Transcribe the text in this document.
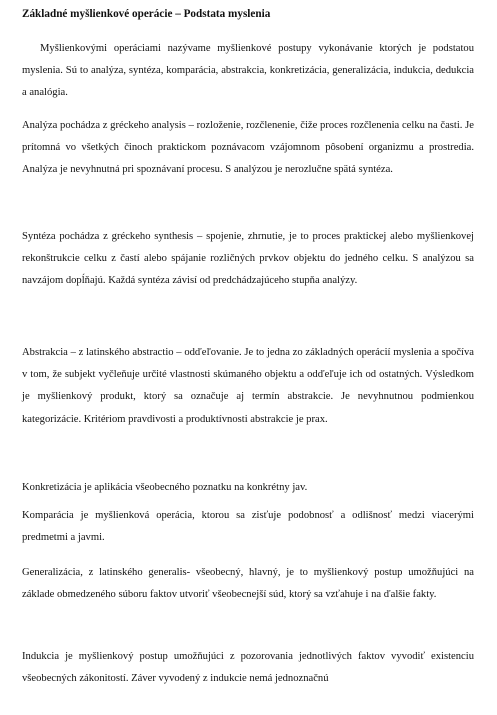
Základné myšlienkové operácie – Podstata myslenia

Myšlienkovými operáciami nazývame myšlienkové postupy vykonávanie ktorých je podstatou myslenia. Sú to analýza, syntéza, komparácia, abstrakcia, konkretizácia, generalizácia, indukcia, dedukcia a analógia.

Analýza pochádza z gréckeho analysis – rozloženie, rozčlenenie, čiže proces rozčlenenia celku na časti. Je prítomná vo všetkých činoch praktickom poznávacom vzájomnom pôsobení organizmu a prostredia. Analýza je nevyhnutná pri spoznávaní procesu. S analýzou je nerozlučne spätá syntéza.

Syntéza pochádza z gréckeho synthesis – spojenie, zhrnutie, je to proces praktickej alebo myšlienkovej rekonštrukcie celku z častí alebo spájanie rozličných prvkov objektu do jedného celku. S analýzou sa navzájom dopĺňajú. Každá syntéza závisí od predchádzajúceho stupňa analýzy.

Abstrakcia – z latinského abstractio – odďeľovanie. Je to jedna zo základných operácií myslenia a spočíva v tom, že subjekt vyčleňuje určité vlastnosti skúmaného objektu a odďeľuje ich od ostatných. Výsledkom je myšlienkový produkt, ktorý sa označuje aj termín abstrakcie. Je nevyhnutnou podmienkou kategorizácie. Kritériom pravdivosti a produktívnosti abstrakcie je prax.

Konkretizácia je aplikácia všeobecného poznatku na konkrétny jav.

Komparácia je myšlienková operácia, ktorou sa zisťuje podobnosť a odlišnosť medzi viacerými predmetmi a javmi.

Generalizácia, z latinského generalis- všeobecný, hlavný, je to myšlienkový postup umožňujúci na základe obmedzeného súboru faktov utvoriť všeobecnejší súd, ktorý sa vzťahuje i na ďalšie fakty.

Indukcia je myšlienkový postup umožňujúci z pozorovania jednotlivých faktov vyvodiť existenciu všeobecných zákonitostí. Záver vyvodený z indukcie nemá jednoznačnú
